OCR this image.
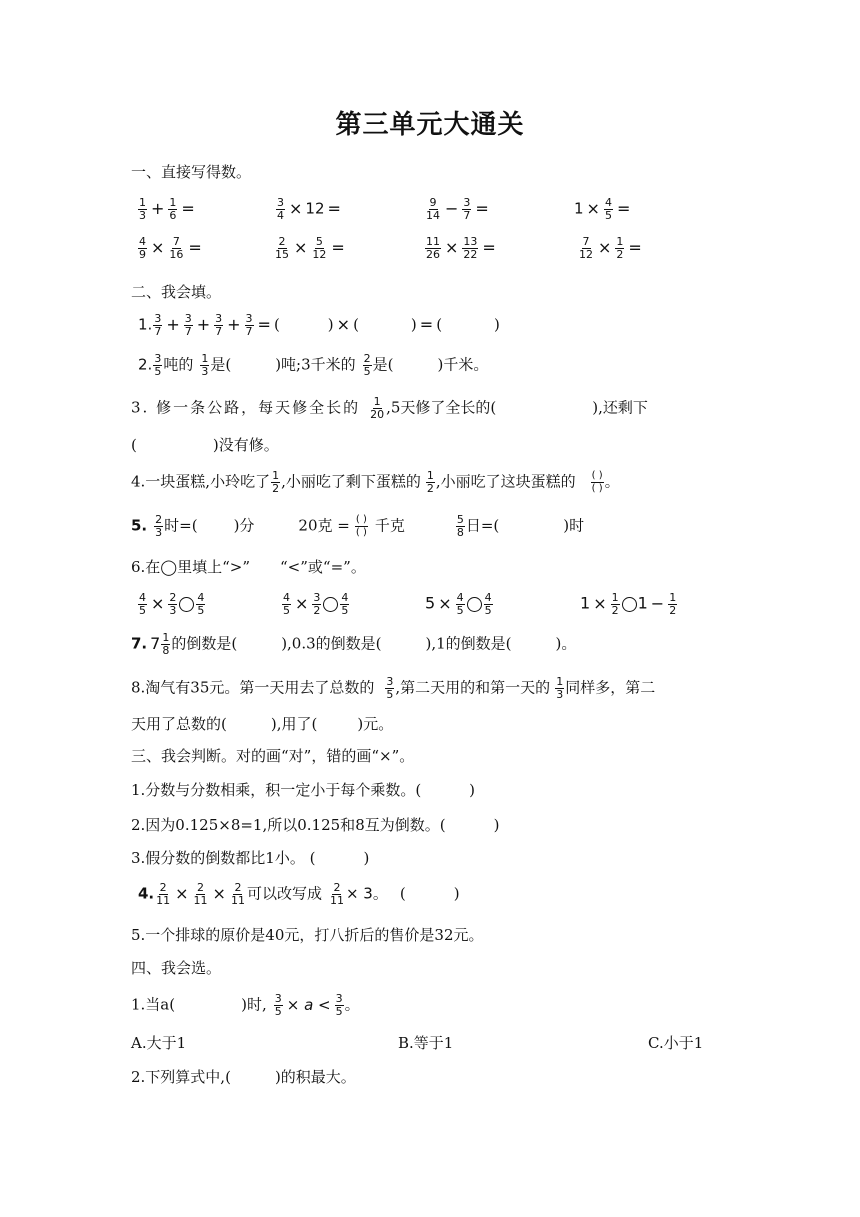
第三单元大通关
一、直接写得数。
$\frac{1}{3} + \frac{1}{6}$ =	$\frac{3}{4} \times 12$ =	$\frac{9}{14} - \frac{3}{7}$ =	$1 \times \frac{4}{5}$ =
$\frac{4}{9} \times \frac{7}{16}$ =	$\frac{2}{15} \times \frac{5}{12}$ =	$\frac{11}{26} \times \frac{13}{22}$ =	$\frac{7}{12} \times \frac{1}{2}$ =
二、我会填。
1. $\frac{3}{7} + \frac{3}{7} + \frac{3}{7} + \frac{3}{7}$ = (	) × (	) = (	)
2. $\frac{3}{5}$ 吨的 $\frac{1}{3}$ 是(	)吨;3千米的 $\frac{2}{5}$ 是(	)千米。
3. 修一条公路，每天修全长的 $\frac{1}{20} ,5$天修了全长的(	),还剩下
(	)没有修。
4.一块蛋糕,小玲吃了 $\frac{1}{2}$ ,小丽吃了剩下蛋糕的 $\frac{1}{2}$ ,小丽吃了这块蛋糕的 $\frac{( )}{( )}$ 。
5. $\frac{2}{3}$ 时=( )分	20克 = $\frac{( )}{( )}$ 千克	$\frac{5}{8}$ 日=(	)时
6.在◯里填上“>” “<”或“=”。
$\frac{4}{5} \times \frac{2}{3} \frac{4}{5}$	$\frac{4}{5} \times \frac{3}{2} \frac{4}{5}$	$5 \times \frac{4}{5} \frac{4}{5}$	$1 \times \frac{1}{2} 1 - \frac{1}{2}$
7. $7 \frac{1}{8}$ 的倒数是(	),0.3的倒数是(	),1的倒数是(	)。
8.淘气有35元。第一天用去了总数的 $\frac{3}{5}$ ,第二天用的和第一天的 $\frac{1}{3}$ 同样多，第二
天用了总数的(	),用了(	)元。
三、我会判断。对的画“对”，错的画“×”。
1.分数与分数相乘，积一定小于每个乘数。(	)
2.因为0.125×8=1,所以0.125和8互为倒数。(	)
3.假分数的倒数都比1小。 (	)
4. $\frac{2}{11} \times \frac{2}{11} \times \frac{2}{11}$ 可以改写成 $\frac{2}{11} \times 3$。 (	)
5.一个排球的原价是40元，打八折后的售价是32元。
四、我会选。
1.当a(	)时, $\frac{3}{5} \times a < \frac{3}{5}$ 。
A.大于1	B.等于1	C.小于1
2.下列算式中,(	)的积最大。
